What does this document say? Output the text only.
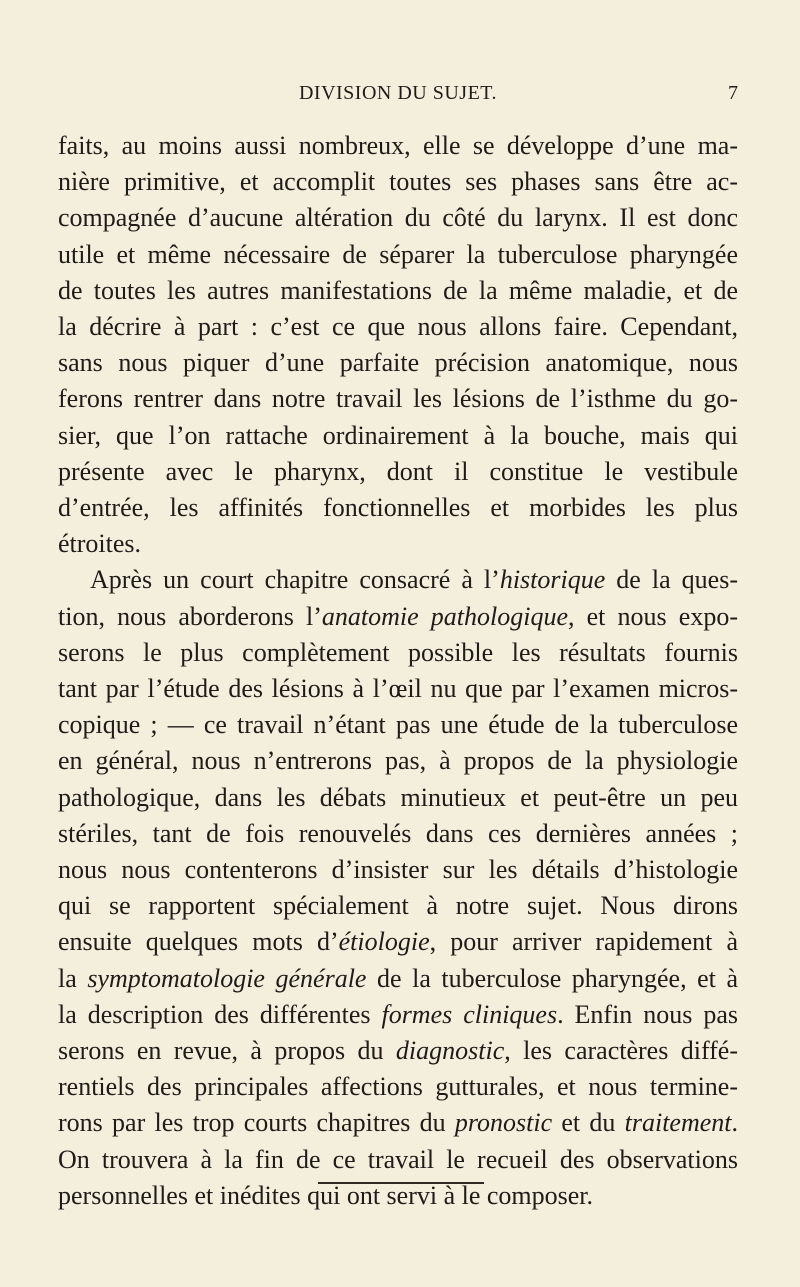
DIVISION DU SUJET.	7
faits, au moins aussi nombreux, elle se développe d’une ma-
nière primitive, et accomplit toutes ses phases sans être ac-
compagnée d’aucune altération du côté du larynx. Il est donc
utile et même nécessaire de séparer la tuberculose pharyngée
de toutes les autres manifestations de la même maladie, et de
la décrire à part : c’est ce que nous allons faire. Cependant,
sans nous piquer d’une parfaite précision anatomique, nous
ferons rentrer dans notre travail les lésions de l’isthme du go-
sier, que l’on rattache ordinairement à la bouche, mais qui
présente avec le pharynx, dont il constitue le vestibule
d’entrée, les affinités fonctionnelles et morbides les plus
étroites.
Après un court chapitre consacré à l’historique de la ques-
tion, nous aborderons l’anatomie pathologique, et nous expo-
serons le plus complètement possible les résultats fournis
tant par l’étude des lésions à l’œil nu que par l’examen micros-
copique ; — ce travail n’étant pas une étude de la tuberculose
en général, nous n’entrerons pas, à propos de la physiologie
pathologique, dans les débats minutieux et peut-être un peu
stériles, tant de fois renouvelés dans ces dernières années ;
nous nous contenterons d’insister sur les détails d’histologie
qui se rapportent spécialement à notre sujet. Nous dirons
ensuite quelques mots d’étiologie, pour arriver rapidement à
la symptomatologie générale de la tuberculose pharyngée, et à
la description des différentes formes cliniques. Enfin nous pas
serons en revue, à propos du diagnostic, les caractères diffé-
rentiels des principales affections gutturales, et nous termine-
rons par les trop courts chapitres du pronostic et du traitement.
On trouvera à la fin de ce travail le recueil des observations
personnelles et inédites qui ont servi à le composer.
